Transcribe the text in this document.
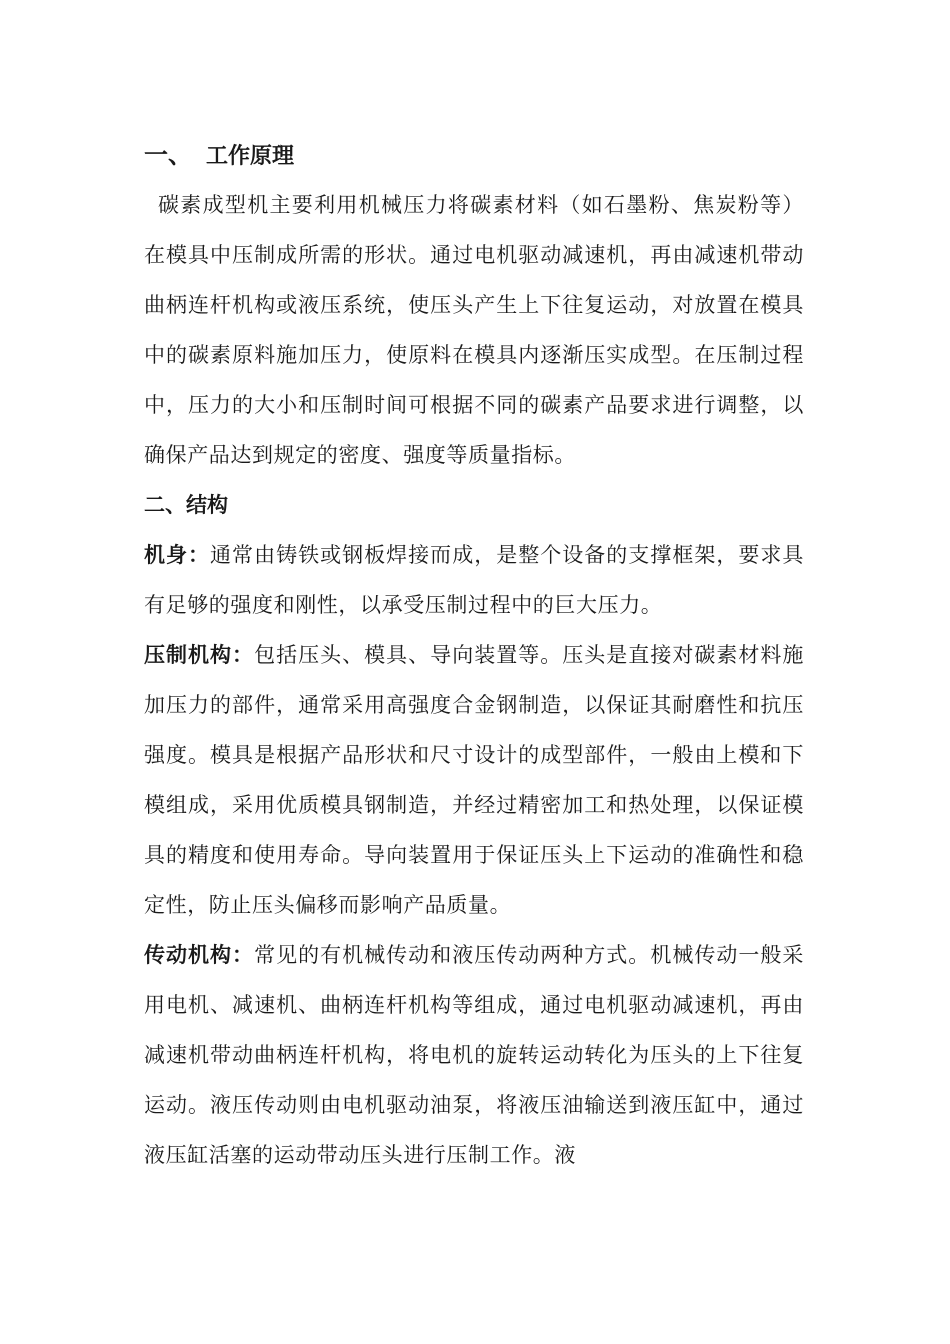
一、 工作原理
碳素成型机主要利用机械压力将碳素材料（如石墨粉、焦炭粉等）在模具中压制成所需的形状。通过电机驱动减速机，再由减速机带动曲柄连杆机构或液压系统，使压头产生上下往复运动，对放置在模具中的碳素原料施加压力，使原料在模具内逐渐压实成型。在压制过程中，压力的大小和压制时间可根据不同的碳素产品要求进行调整，以确保产品达到规定的密度、强度等质量指标。
二、结构
机身：通常由铸铁或钢板焊接而成，是整个设备的支撑框架，要求具有足够的强度和刚性，以承受压制过程中的巨大压力。
压制机构：包括压头、模具、导向装置等。压头是直接对碳素材料施加压力的部件，通常采用高强度合金钢制造，以保证其耐磨性和抗压强度。模具是根据产品形状和尺寸设计的成型部件，一般由上模和下模组成，采用优质模具钢制造，并经过精密加工和热处理，以保证模具的精度和使用寿命。导向装置用于保证压头上下运动的准确性和稳定性，防止压头偏移而影响产品质量。
传动机构：常见的有机械传动和液压传动两种方式。机械传动一般采用电机、减速机、曲柄连杆机构等组成，通过电机驱动减速机，再由减速机带动曲柄连杆机构，将电机的旋转运动转化为压头的上下往复运动。液压传动则由电机驱动油泵，将液压油输送到液压缸中，通过液压缸活塞的运动带动压头进行压制工作。液
